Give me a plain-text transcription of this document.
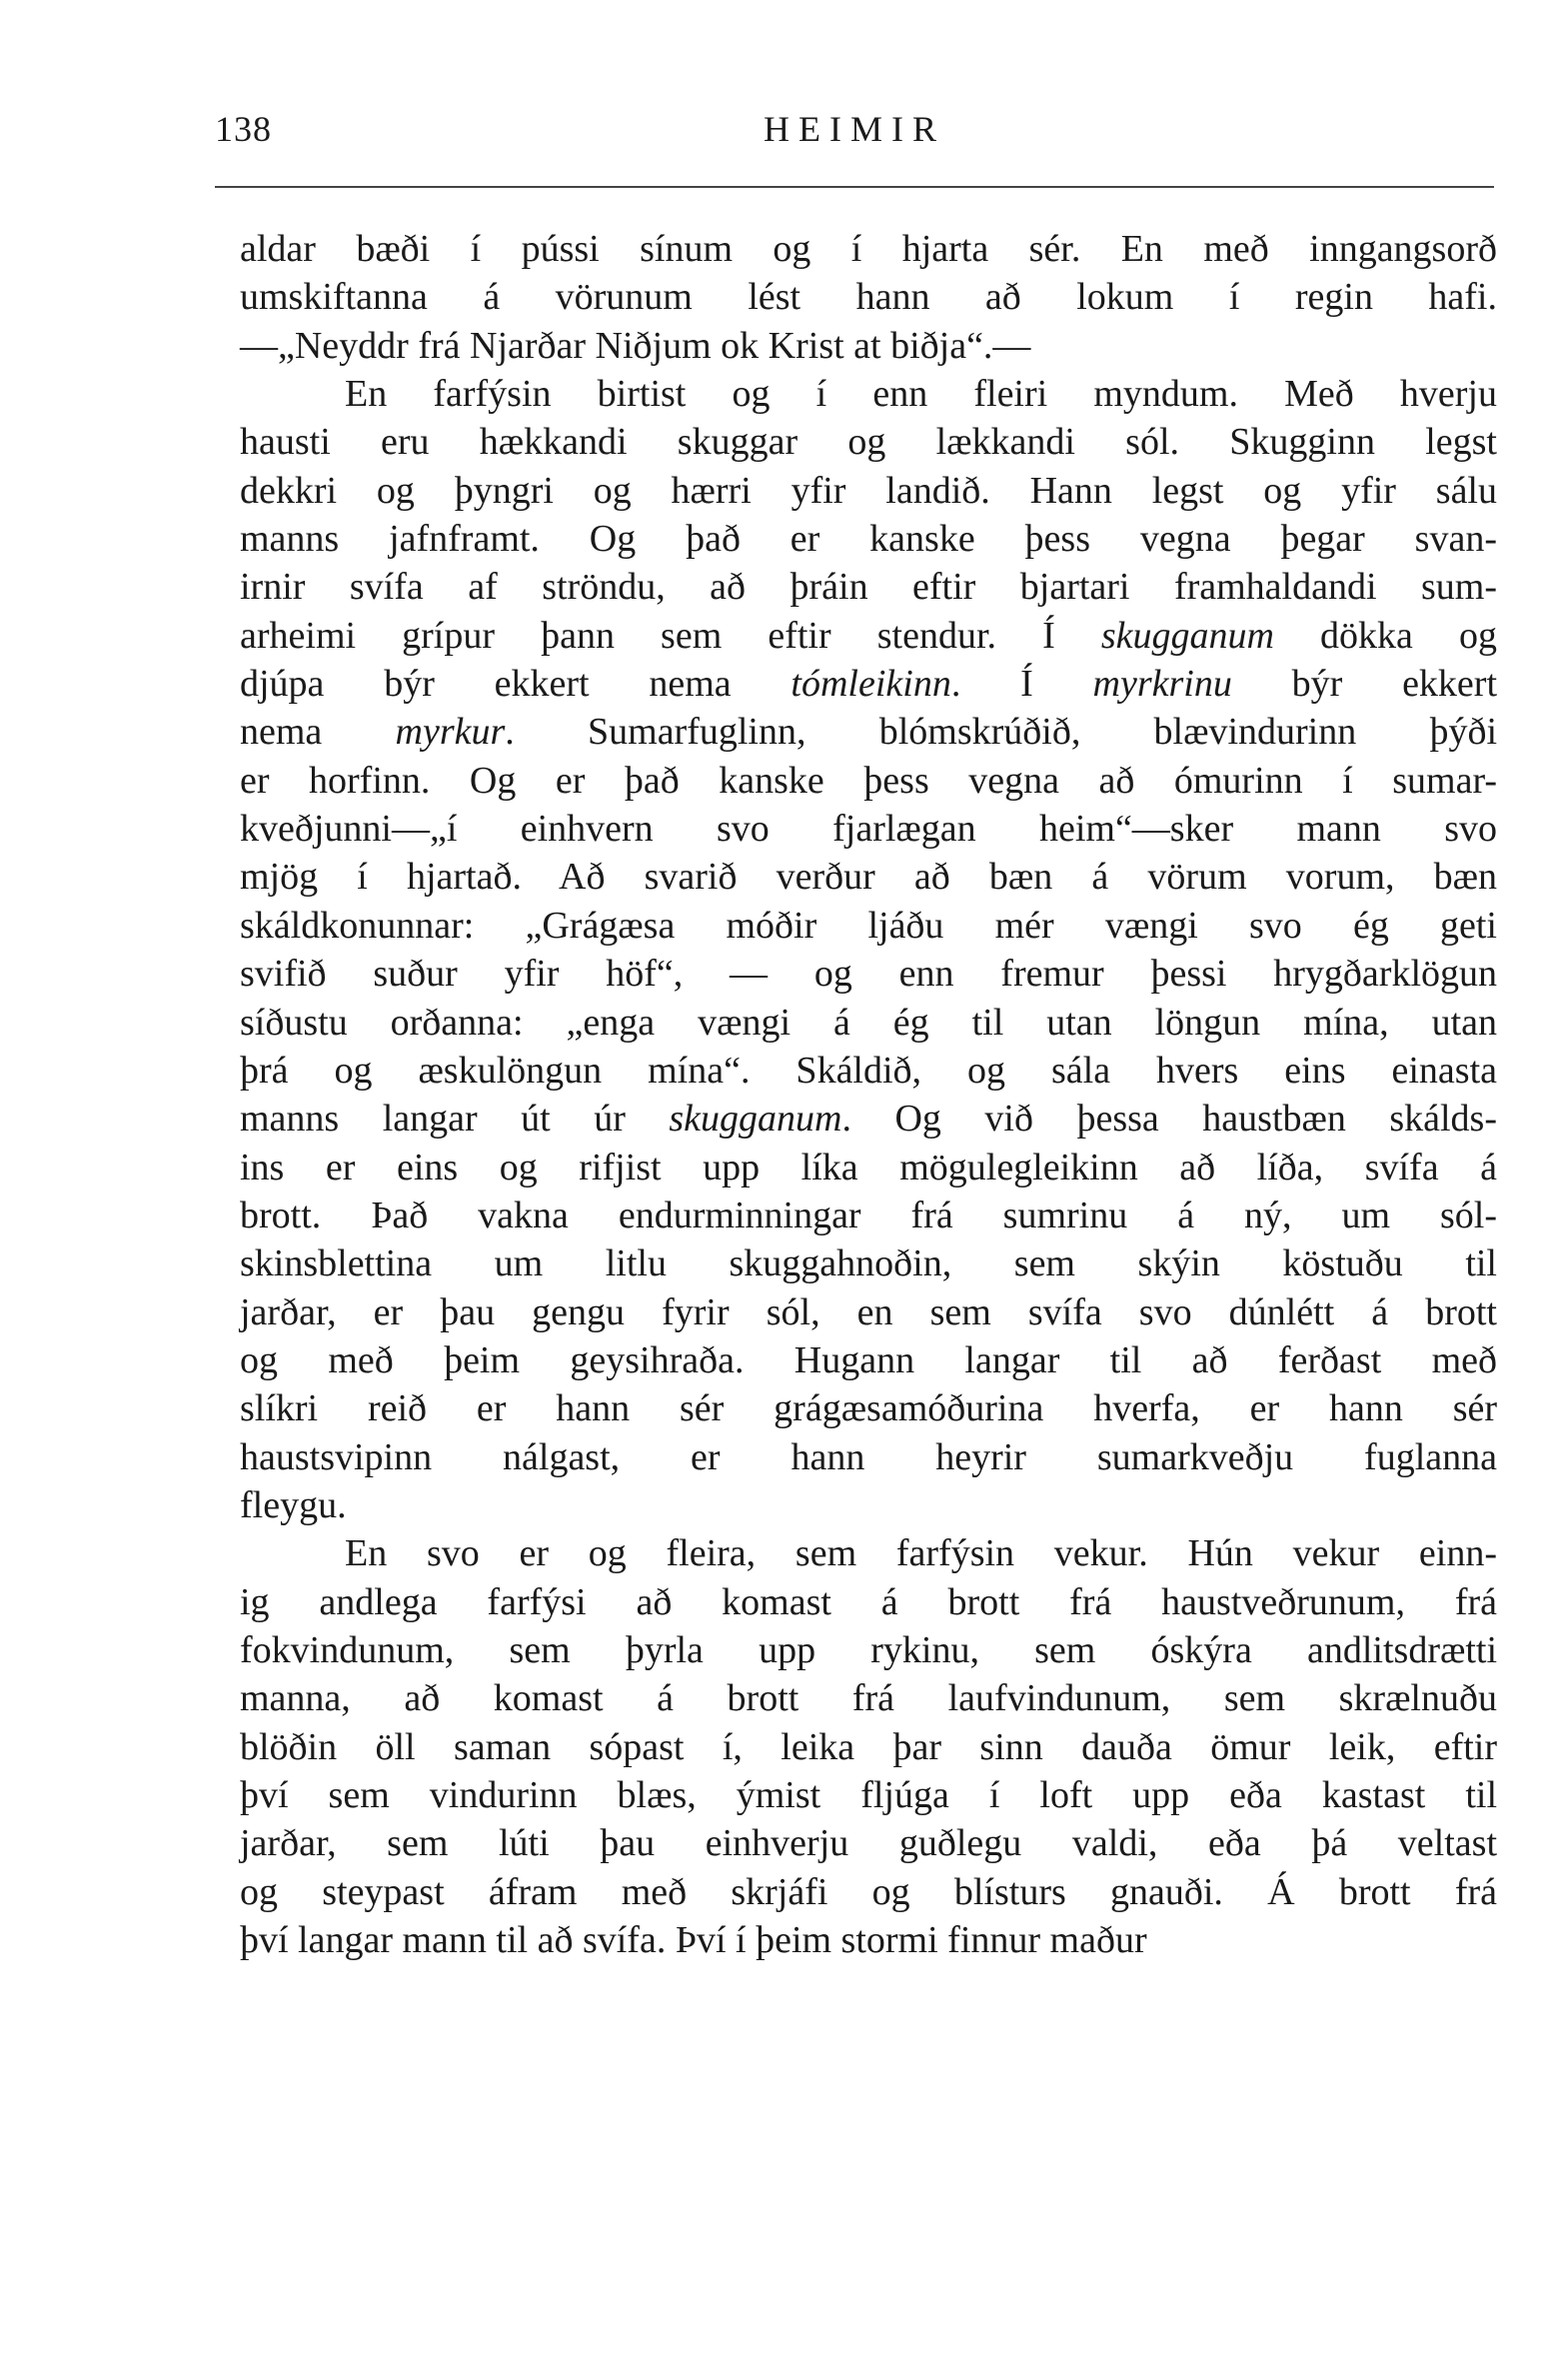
138	HEIMIR
aldar bæði í pússi sínum og í hjarta sér. En með inngangsorð
umskiftanna á vörunum lést hann að lokum í regin hafi.
—„Neyddr frá Njarðar Niðjum ok Krist at biðja“.—
En farfýsin birtist og í enn fleiri myndum. Með hverju
hausti eru hækkandi skuggar og lækkandi sól. Skugginn legst
dekkri og þyngri og hærri yfir landið. Hann legst og yfir sálu
manns jafnframt. Og það er kanske þess vegna þegar svan-
irnir svífa af ströndu, að þráin eftir bjartari framhaldandi sum-
arheimi grípur þann sem eftir stendur. Í skugganum dökka og
djúpa býr ekkert nema tómleikinn. Í myrkrinu býr ekkert
nema myrkur. Sumarfuglinn, blómskrúðið, blævindurinn þýði
er horfinn. Og er það kanske þess vegna að ómurinn í sumar-
kveðjunni—„í einhvern svo fjarlægan heim“—sker mann svo
mjög í hjartað. Að svarið verður að bæn á vörum vorum, bæn
skáldkonunnar: „Grágæsa móðir ljáðu mér vængi svo ég geti
svifið suður yfir höf“, — og enn fremur þessi hrygðarklögun
síðustu orðanna: „enga vængi á ég til utan löngun mína, utan
þrá og æskulöngun mína“. Skáldið, og sála hvers eins einasta
manns langar út úr skugganum. Og við þessa haustbæn skálds-
ins er eins og rifjist upp líka mögulegleikinn að líða, svífa á
brott. Það vakna endurminningar frá sumrinu á ný, um sól-
skinsblettina um litlu skuggahnoðin, sem skýin köstuðu til
jarðar, er þau gengu fyrir sól, en sem svífa svo dúnlétt á brott
og með þeim geysihraða. Hugann langar til að ferðast með
slíkri reið er hann sér grágæsamóðurina hverfa, er hann sér
haustsvipinn nálgast, er hann heyrir sumarkveðju fuglanna
fleygu.
En svo er og fleira, sem farfýsin vekur. Hún vekur einn-
ig andlega farfýsi að komast á brott frá haustveðrunum, frá
fokvindunum, sem þyrla upp rykinu, sem óskýra andlitsdrætti
manna, að komast á brott frá laufvindunum, sem skrælnuðu
blöðin öll saman sópast í, leika þar sinn dauða ömur leik, eftir
því sem vindurinn blæs, ýmist fljúga í loft upp eða kastast til
jarðar, sem lúti þau einhverju guðlegu valdi, eða þá veltast
og steypast áfram með skrjáfi og blísturs gnauði. Á brott frá
því langar mann til að svífa. Því í þeim stormi finnur maður
